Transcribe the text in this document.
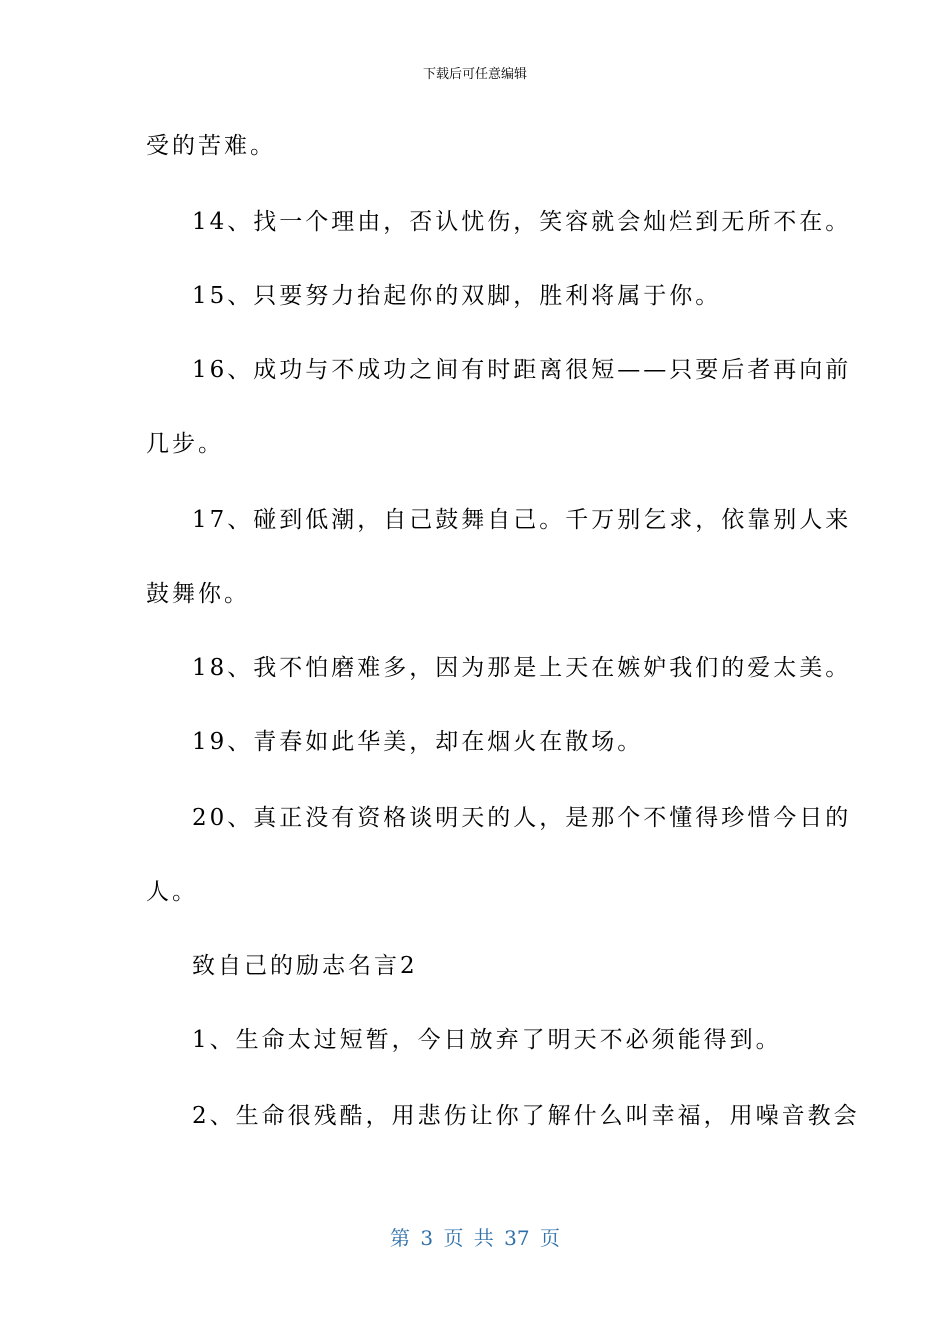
下载后可任意编辑
受的苦难。
14、找一个理由，否认忧伤，笑容就会灿烂到无所不在。
15、只要努力抬起你的双脚，胜利将属于你。
16、成功与不成功之间有时距离很短——只要后者再向前
几步。
17、碰到低潮，自己鼓舞自己。千万别乞求，依靠别人来
鼓舞你。
18、我不怕磨难多，因为那是上天在嫉妒我们的爱太美。
19、青春如此华美，却在烟火在散场。
20、真正没有资格谈明天的人，是那个不懂得珍惜今日的
人。
致自己的励志名言2
1、生命太过短暂，今日放弃了明天不必须能得到。
2、生命很残酷，用悲伤让你了解什么叫幸福，用噪音教会
第 3 页 共 37 页
